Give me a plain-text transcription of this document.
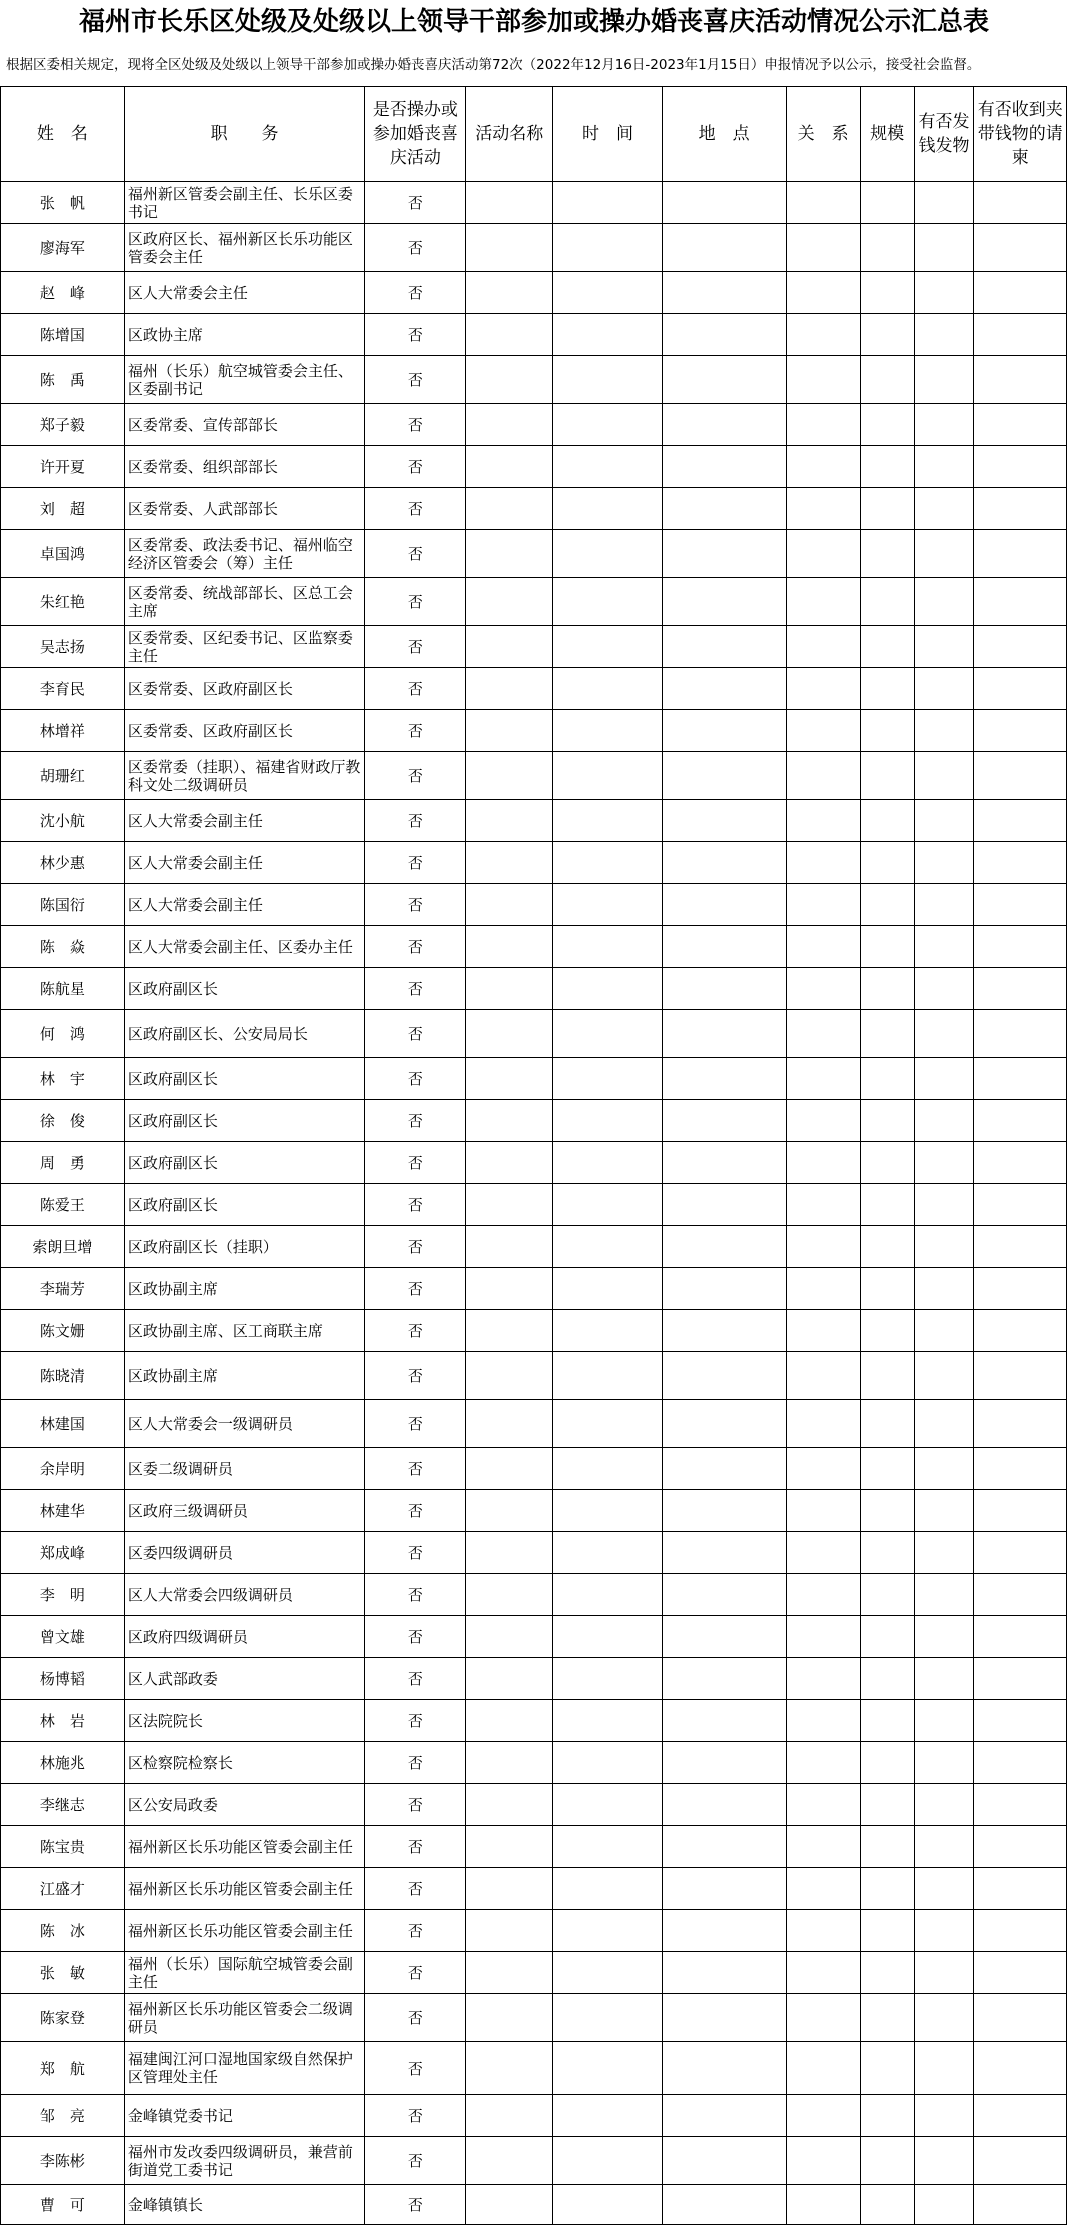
福州市长乐区处级及处级以上领导干部参加或操办婚丧喜庆活动情况公示汇总表
根据区委相关规定，现将全区处级及处级以上领导干部参加或操办婚丧喜庆活动第72次（2022年12月16日-2023年1月15日）申报情况予以公示，接受社会监督。
姓　名	职　　务	是否操办或参加婚丧喜庆活动	活动名称	时　间	地　点	关　系	规模	有否发钱发物	有否收到夹带钱物的请柬
张　帆	福州新区管委会副主任、长乐区委书记	否							
廖海军	区政府区长、福州新区长乐功能区管委会主任	否							
赵　峰	区人大常委会主任	否							
陈增国	区政协主席	否							
陈　禹	福州（长乐）航空城管委会主任、区委副书记	否							
郑子毅	区委常委、宣传部部长	否							
许开夏	区委常委、组织部部长	否							
刘　超	区委常委、人武部部长	否							
卓国鸿	区委常委、政法委书记、福州临空经济区管委会（筹）主任	否							
朱红艳	区委常委、统战部部长、区总工会主席	否							
吴志扬	区委常委、区纪委书记、区监察委主任	否							
李育民	区委常委、区政府副区长	否							
林增祥	区委常委、区政府副区长	否							
胡珊红	区委常委（挂职）、福建省财政厅教科文处二级调研员	否							
沈小航	区人大常委会副主任	否							
林少惠	区人大常委会副主任	否							
陈国衍	区人大常委会副主任	否							
陈　焱	区人大常委会副主任、区委办主任	否							
陈航星	区政府副区长	否							
何　鸿	区政府副区长、公安局局长	否							
林　宇	区政府副区长	否							
徐　俊	区政府副区长	否							
周　勇	区政府副区长	否							
陈爱王	区政府副区长	否							
索朗旦增	区政府副区长（挂职）	否							
李瑞芳	区政协副主席	否							
陈文姗	区政协副主席、区工商联主席	否							
陈晓清	区政协副主席	否							
林建国	区人大常委会一级调研员	否							
余岸明	区委二级调研员	否							
林建华	区政府三级调研员	否							
郑成峰	区委四级调研员	否							
李　明	区人大常委会四级调研员	否							
曾文雄	区政府四级调研员	否							
杨博韬	区人武部政委	否							
林　岩	区法院院长	否							
林施兆	区检察院检察长	否							
李继志	区公安局政委	否							
陈宝贵	福州新区长乐功能区管委会副主任	否							
江盛才	福州新区长乐功能区管委会副主任	否							
陈　冰	福州新区长乐功能区管委会副主任	否							
张　敏	福州（长乐）国际航空城管委会副主任	否							
陈家登	福州新区长乐功能区管委会二级调研员	否							
郑　航	福建闽江河口湿地国家级自然保护区管理处主任	否							
邹　亮	金峰镇党委书记	否							
李陈彬	福州市发改委四级调研员，兼营前街道党工委书记	否							
曹　可	金峰镇镇长	否							
